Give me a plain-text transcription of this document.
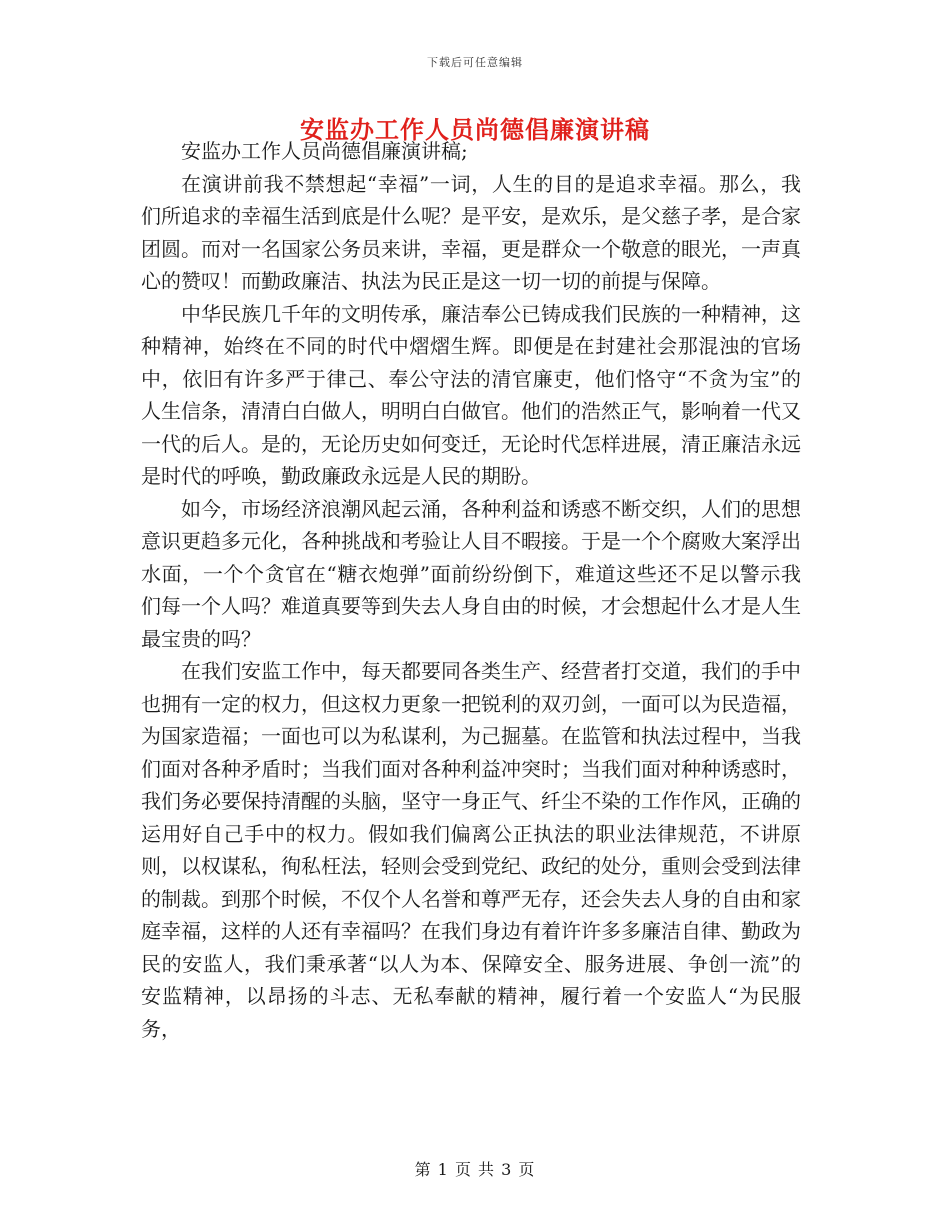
下载后可任意编辑
安监办工作人员尚德倡廉演讲稿

安监办工作人员尚德倡廉演讲稿;

在演讲前我不禁想起“幸福”一词，人生的目的是追求幸福。那么，我们所追求的幸福生活到底是什么呢？是平安，是欢乐，是父慈子孝，是合家团圆。而对一名国家公务员来讲，幸福，更是群众一个敬意的眼光，一声真心的赞叹！而勤政廉洁、执法为民正是这一切一切的前提与保障。

中华民族几千年的文明传承，廉洁奉公已铸成我们民族的一种精神，这种精神，始终在不同的时代中熠熠生辉。即便是在封建社会那混浊的官场中，依旧有许多严于律己、奉公守法的清官廉吏，他们恪守“不贪为宝”的人生信条，清清白白做人，明明白白做官。他们的浩然正气，影响着一代又一代的后人。是的，无论历史如何变迁，无论时代怎样进展，清正廉洁永远是时代的呼唤，勤政廉政永远是人民的期盼。

如今，市场经济浪潮风起云涌，各种利益和诱惑不断交织，人们的思想意识更趋多元化，各种挑战和考验让人目不暇接。于是一个个腐败大案浮出水面，一个个贪官在“糖衣炮弹”面前纷纷倒下，难道这些还不足以警示我们每一个人吗？难道真要等到失去人身自由的时候，才会想起什么才是人生最宝贵的吗？

在我们安监工作中，每天都要同各类生产、经营者打交道，我们的手中也拥有一定的权力，但这权力更象一把锐利的双刃剑，一面可以为民造福，为国家造福；一面也可以为私谋利，为己掘墓。在监管和执法过程中，当我们面对各种矛盾时；当我们面对各种利益冲突时；当我们面对种种诱惑时，我们务必要保持清醒的头脑，坚守一身正气、纤尘不染的工作作风，正确的运用好自己手中的权力。假如我们偏离公正执法的职业法律规范，不讲原则，以权谋私，徇私枉法，轻则会受到党纪、政纪的处分，重则会受到法律的制裁。到那个时候，不仅个人名誉和尊严无存，还会失去人身的自由和家庭幸福，这样的人还有幸福吗？在我们身边有着许许多多廉洁自律、勤政为民的安监人，我们秉承著“以人为本、保障安全、服务进展、争创一流”的安监精神，以昂扬的斗志、无私奉献的精神，履行着一个安监人“为民服务，

第 1 页 共 3 页
